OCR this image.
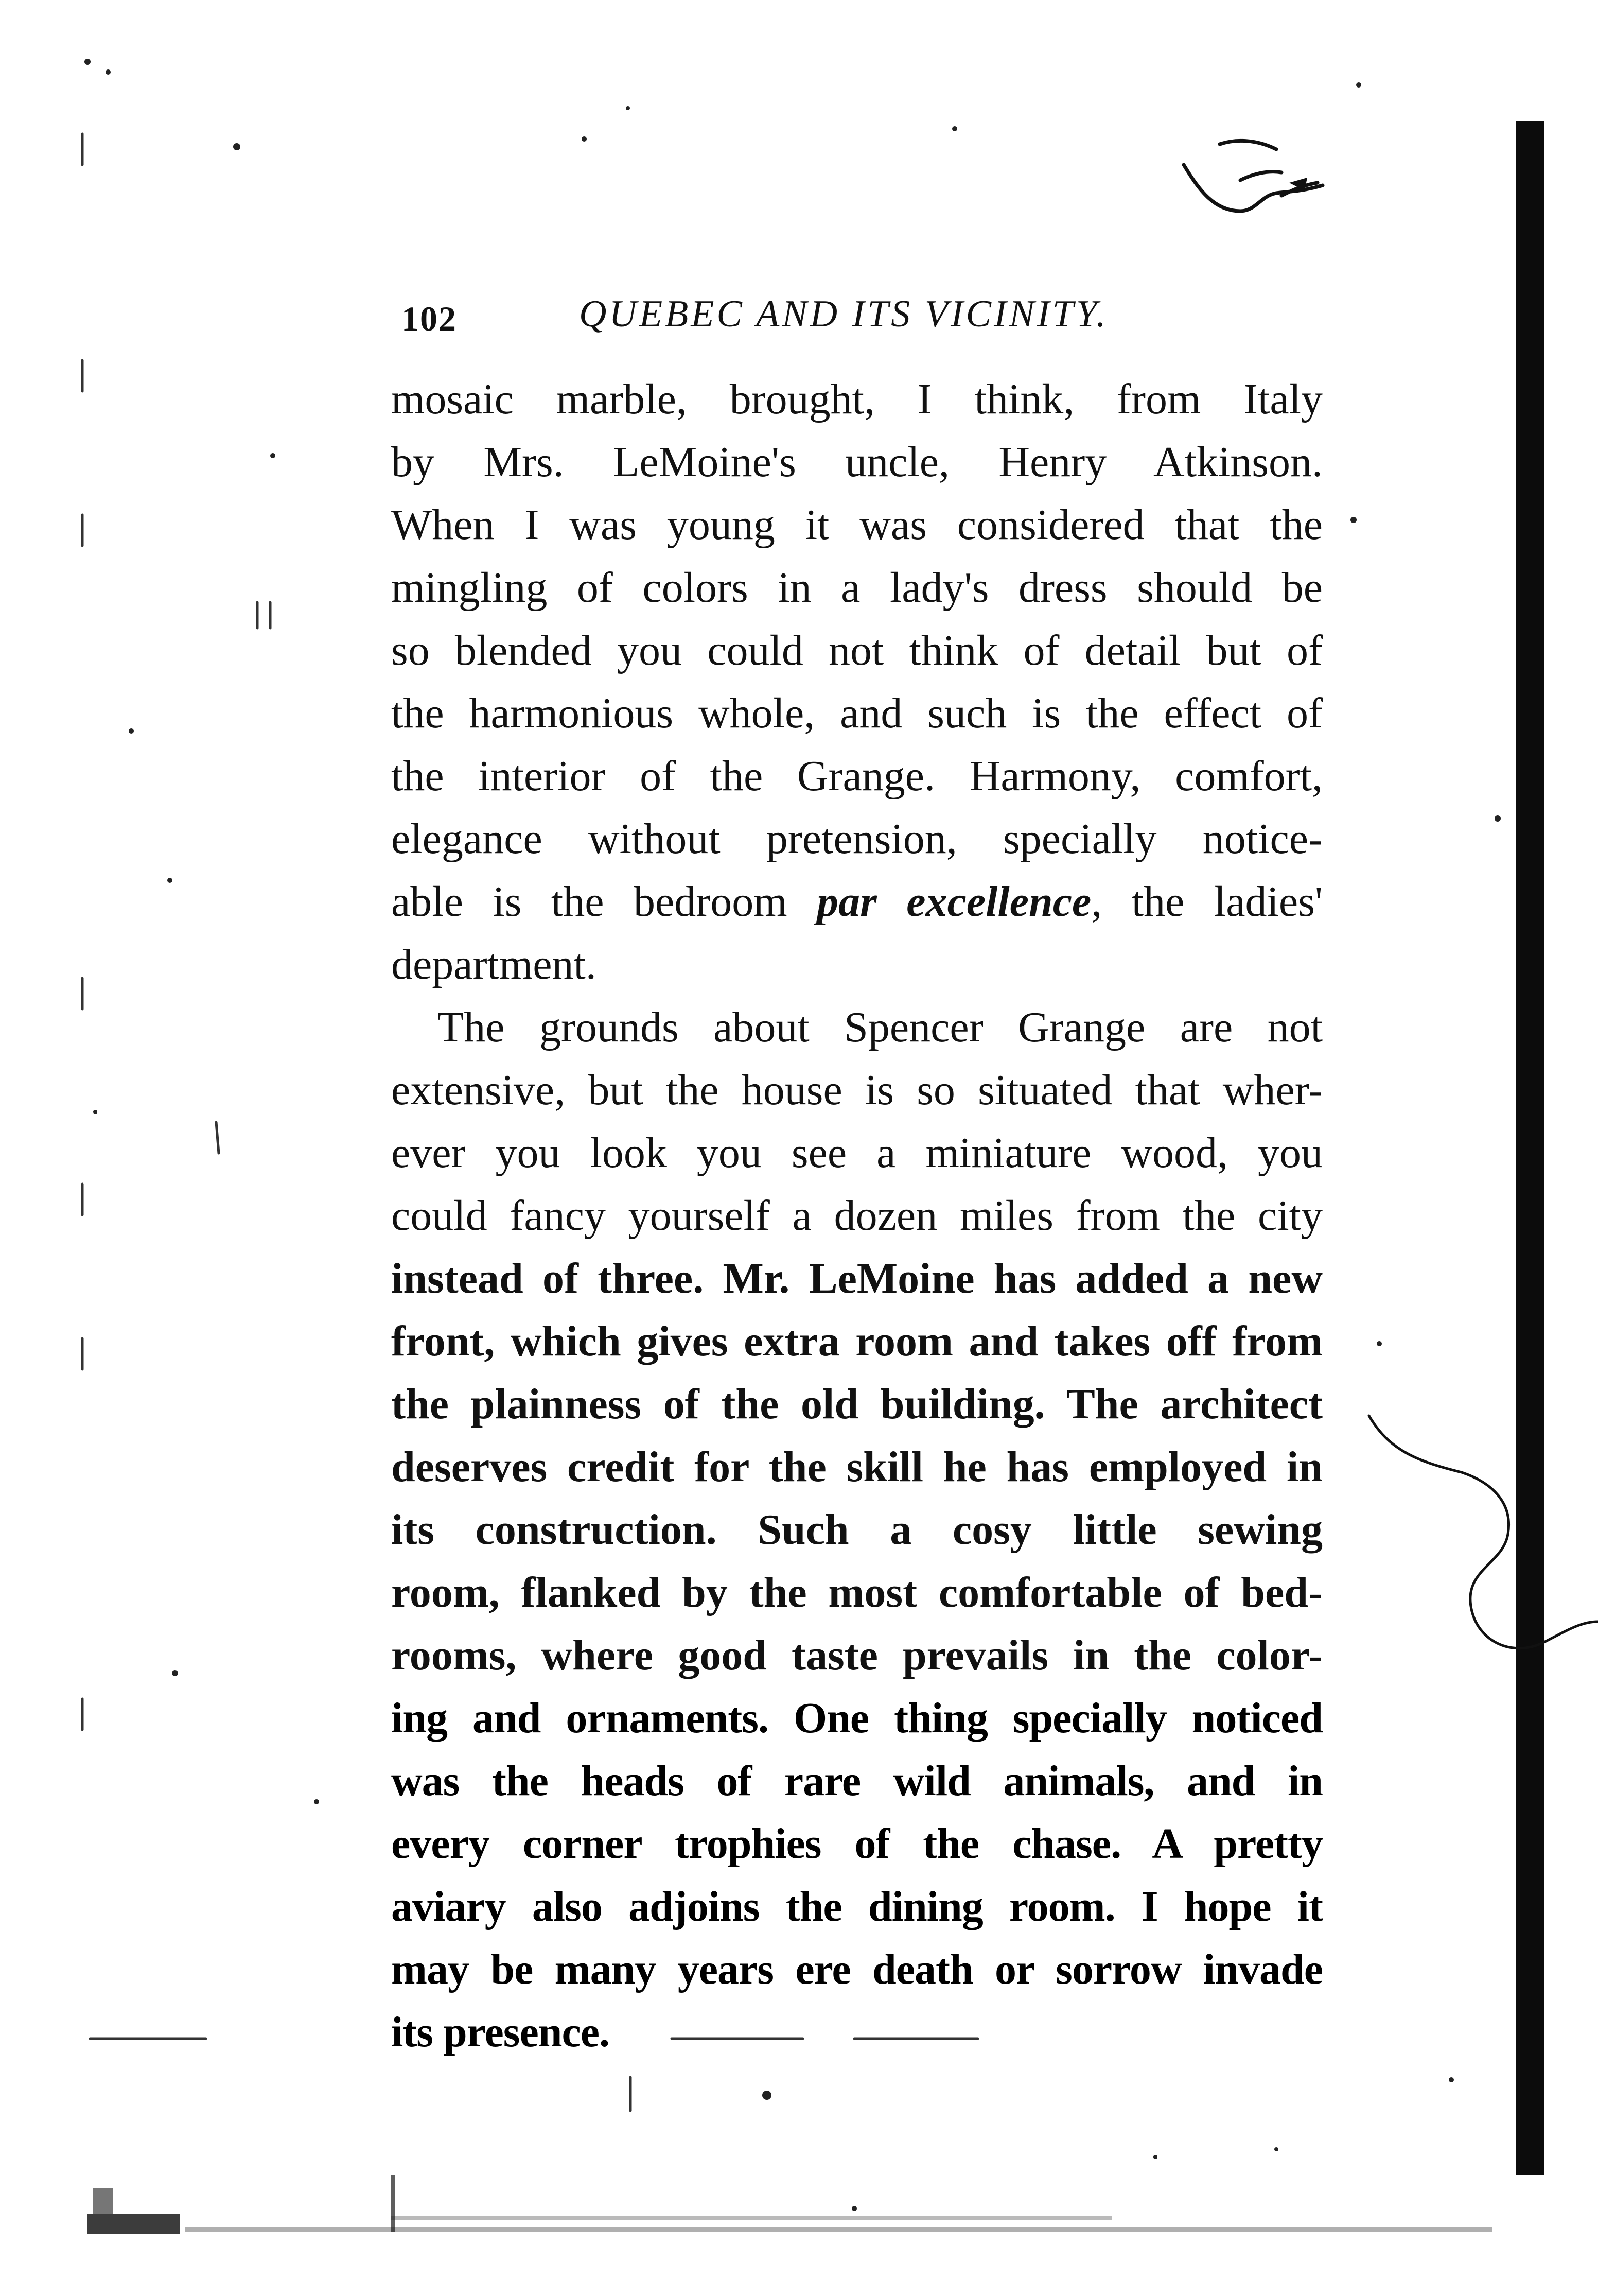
102	QUEBEC AND ITS VICINITY.
mosaic marble, brought, I think, from Italy
by Mrs. LeMoine's uncle, Henry Atkinson.
When I was young it was considered that the
mingling of colors in a lady's dress should be
so blended you could not think of detail but of
the harmonious whole, and such is the effect of
the interior of the Grange. Harmony, comfort,
elegance without pretension, specially notice-
able is the bedroom par excellence, the ladies'
department.
The grounds about Spencer Grange are not
extensive, but the house is so situated that wher-
ever you look you see a miniature wood, you
could fancy yourself a dozen miles from the city
instead of three. Mr. LeMoine has added a new
front, which gives extra room and takes off from
the plainness of the old building. The architect
deserves credit for the skill he has employed in
its construction. Such a cosy little sewing
room, flanked by the most comfortable of bed-
rooms, where good taste prevails in the color-
ing and ornaments. One thing specially noticed
was the heads of rare wild animals, and in
every corner trophies of the chase. A pretty
aviary also adjoins the dining room. I hope it
may be many years ere death or sorrow invade
its presence.
